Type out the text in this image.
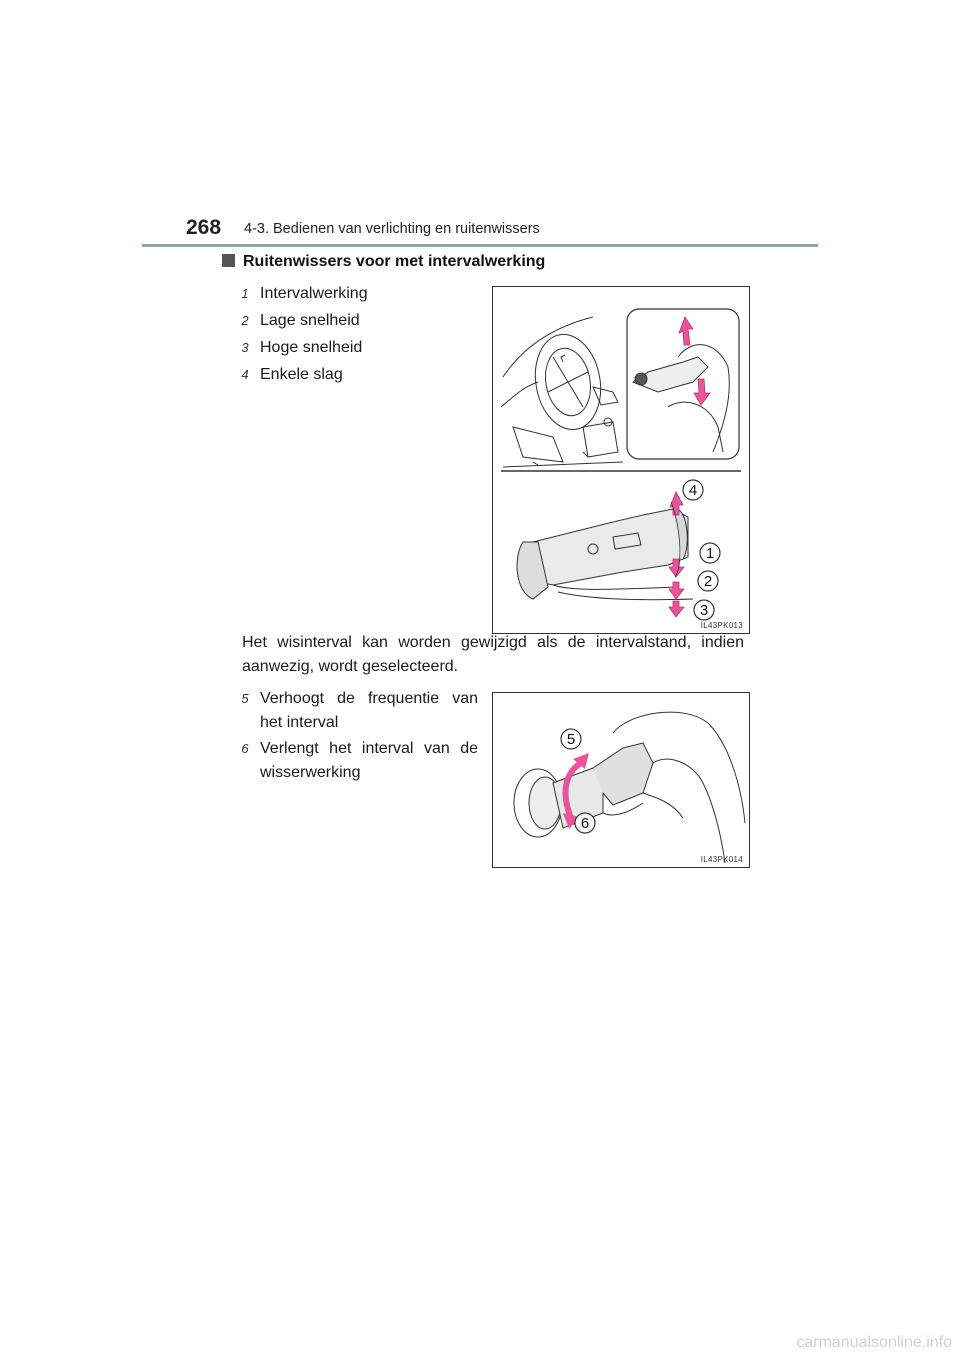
268 4-3. Bedienen van verlichting en ruitenwissers
Ruitenwissers voor met intervalwerking
1 Intervalwerking
2 Lage snelheid
3 Hoge snelheid
4 Enkele slag
4
1
2
3
IL43PK013
Het wisinterval kan worden gewijzigd als de intervalstand, indien aanwezig, wordt geselecteerd.
5 Verhoogt de frequentie van het interval
6 Verlengt het interval van de wisserwerking
5
6
IL43PK014
carmanualsonline.info
